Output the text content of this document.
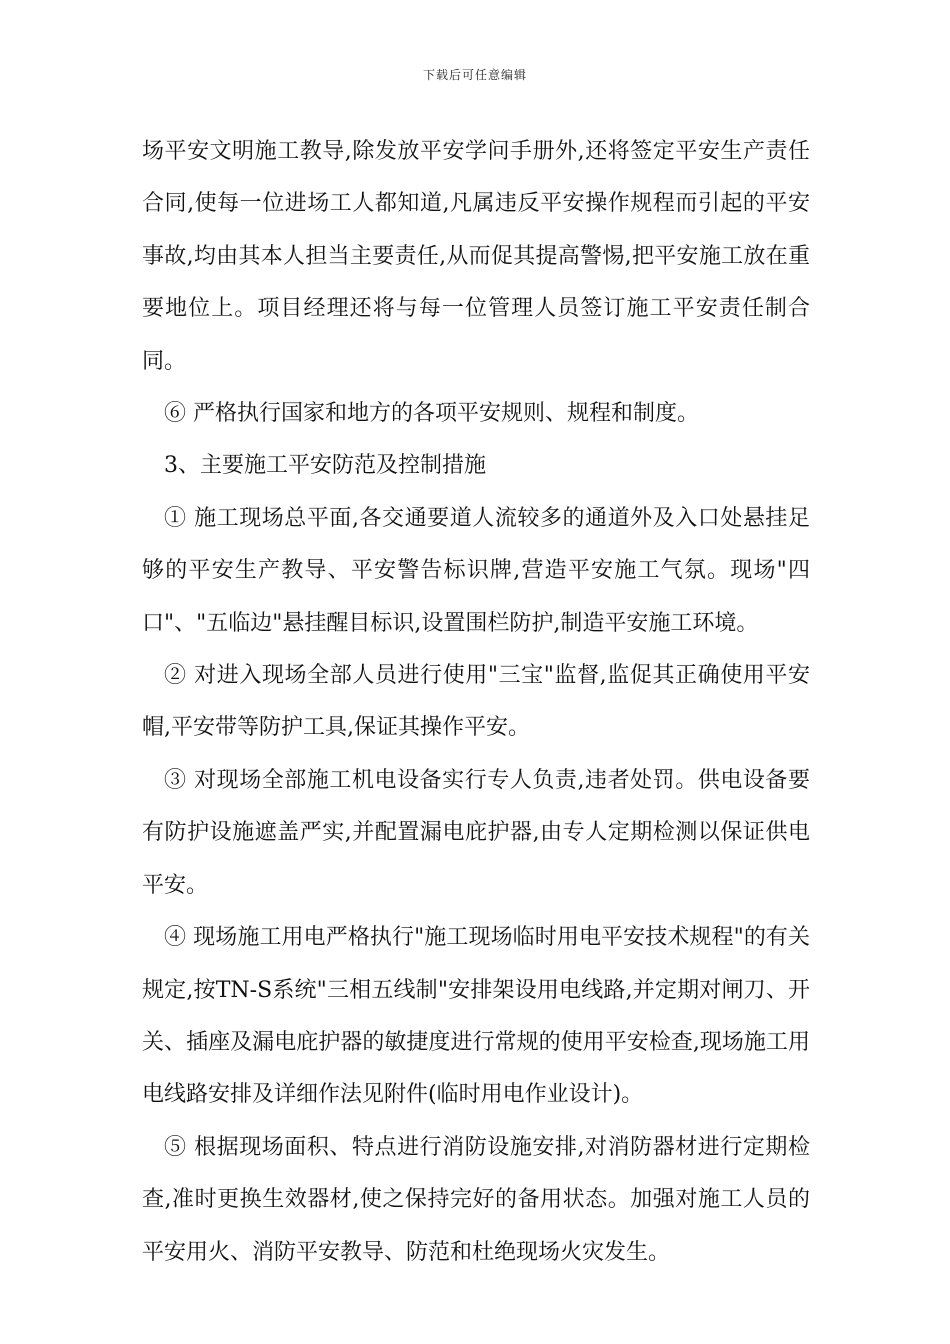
下载后可任意编辑

场平安文明施工教导,除发放平安学问手册外,还将签定平安生产责任合同,使每一位进场工人都知道,凡属违反平安操作规程而引起的平安事故,均由其本人担当主要责任,从而促其提高警惕,把平安施工放在重要地位上。项目经理还将与每一位管理人员签订施工平安责任制合同。

⑥ 严格执行国家和地方的各项平安规则、规程和制度。

3、主要施工平安防范及控制措施

① 施工现场总平面,各交通要道人流较多的通道外及入口处悬挂足够的平安生产教导、平安警告标识牌,营造平安施工气氛。现场"四口"、"五临边"悬挂醒目标识,设置围栏防护,制造平安施工环境。

② 对进入现场全部人员进行使用"三宝"监督,监促其正确使用平安帽,平安带等防护工具,保证其操作平安。

③ 对现场全部施工机电设备实行专人负责,违者处罚。供电设备要有防护设施遮盖严实,并配置漏电庇护器,由专人定期检测以保证供电平安。

④ 现场施工用电严格执行"施工现场临时用电平安技术规程"的有关规定,按TN-S系统"三相五线制"安排架设用电线路,并定期对闸刀、开关、插座及漏电庇护器的敏捷度进行常规的使用平安检查,现场施工用电线路安排及详细作法见附件(临时用电作业设计)。

⑤ 根据现场面积、特点进行消防设施安排,对消防器材进行定期检查,准时更换生效器材,使之保持完好的备用状态。加强对施工人员的平安用火、消防平安教导、防范和杜绝现场火灾发生。
